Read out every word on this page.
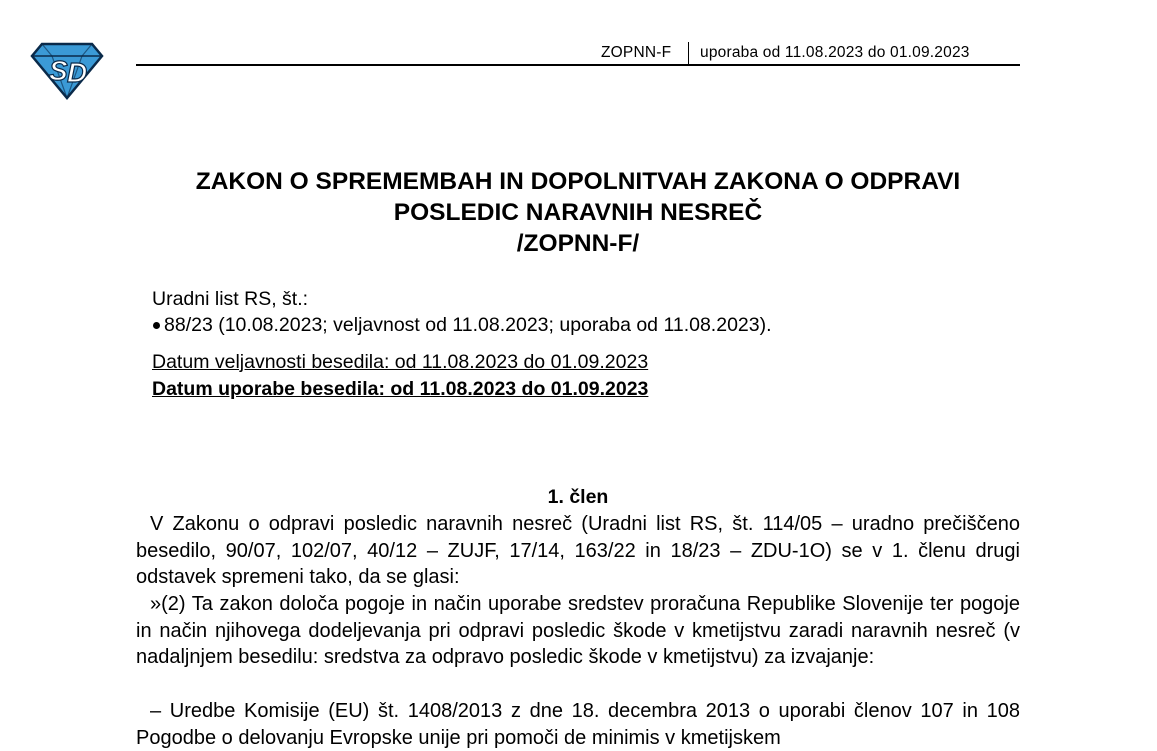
S D
ZOPNN-F uporaba od 11.08.2023 do 01.09.2023
ZAKON O SPREMEMBAH IN DOPOLNITVAH ZAKONA O ODPRAVI
POSLEDIC NARAVNIH NESREČ
/ZOPNN-F/
Uradni list RS, št.:
88/23 (10.08.2023; veljavnost od 11.08.2023; uporaba od 11.08.2023).
Datum veljavnosti besedila: od 11.08.2023 do 01.09.2023
Datum uporabe besedila: od 11.08.2023 do 01.09.2023
1. člen
V Zakonu o odpravi posledic naravnih nesreč (Uradni list RS, št. 114/05 – uradno prečiščeno besedilo, 90/07, 102/07, 40/12 – ZUJF, 17/14, 163/22 in 18/23 – ZDU-1O) se v 1. členu drugi odstavek spremeni tako, da se glasi:
»(2) Ta zakon določa pogoje in način uporabe sredstev proračuna Republike Slovenije ter pogoje in način njihovega dodeljevanja pri odpravi posledic škode v kmetijstvu zaradi naravnih nesreč (v nadaljnjem besedilu: sredstva za odpravo posledic škode v kmetijstvu) za izvajanje:
– Uredbe Komisije (EU) št. 1408/2013 z dne 18. decembra 2013 o uporabi členov 107 in 108 Pogodbe o delovanju Evropske unije pri pomoči de minimis v kmetijskem
